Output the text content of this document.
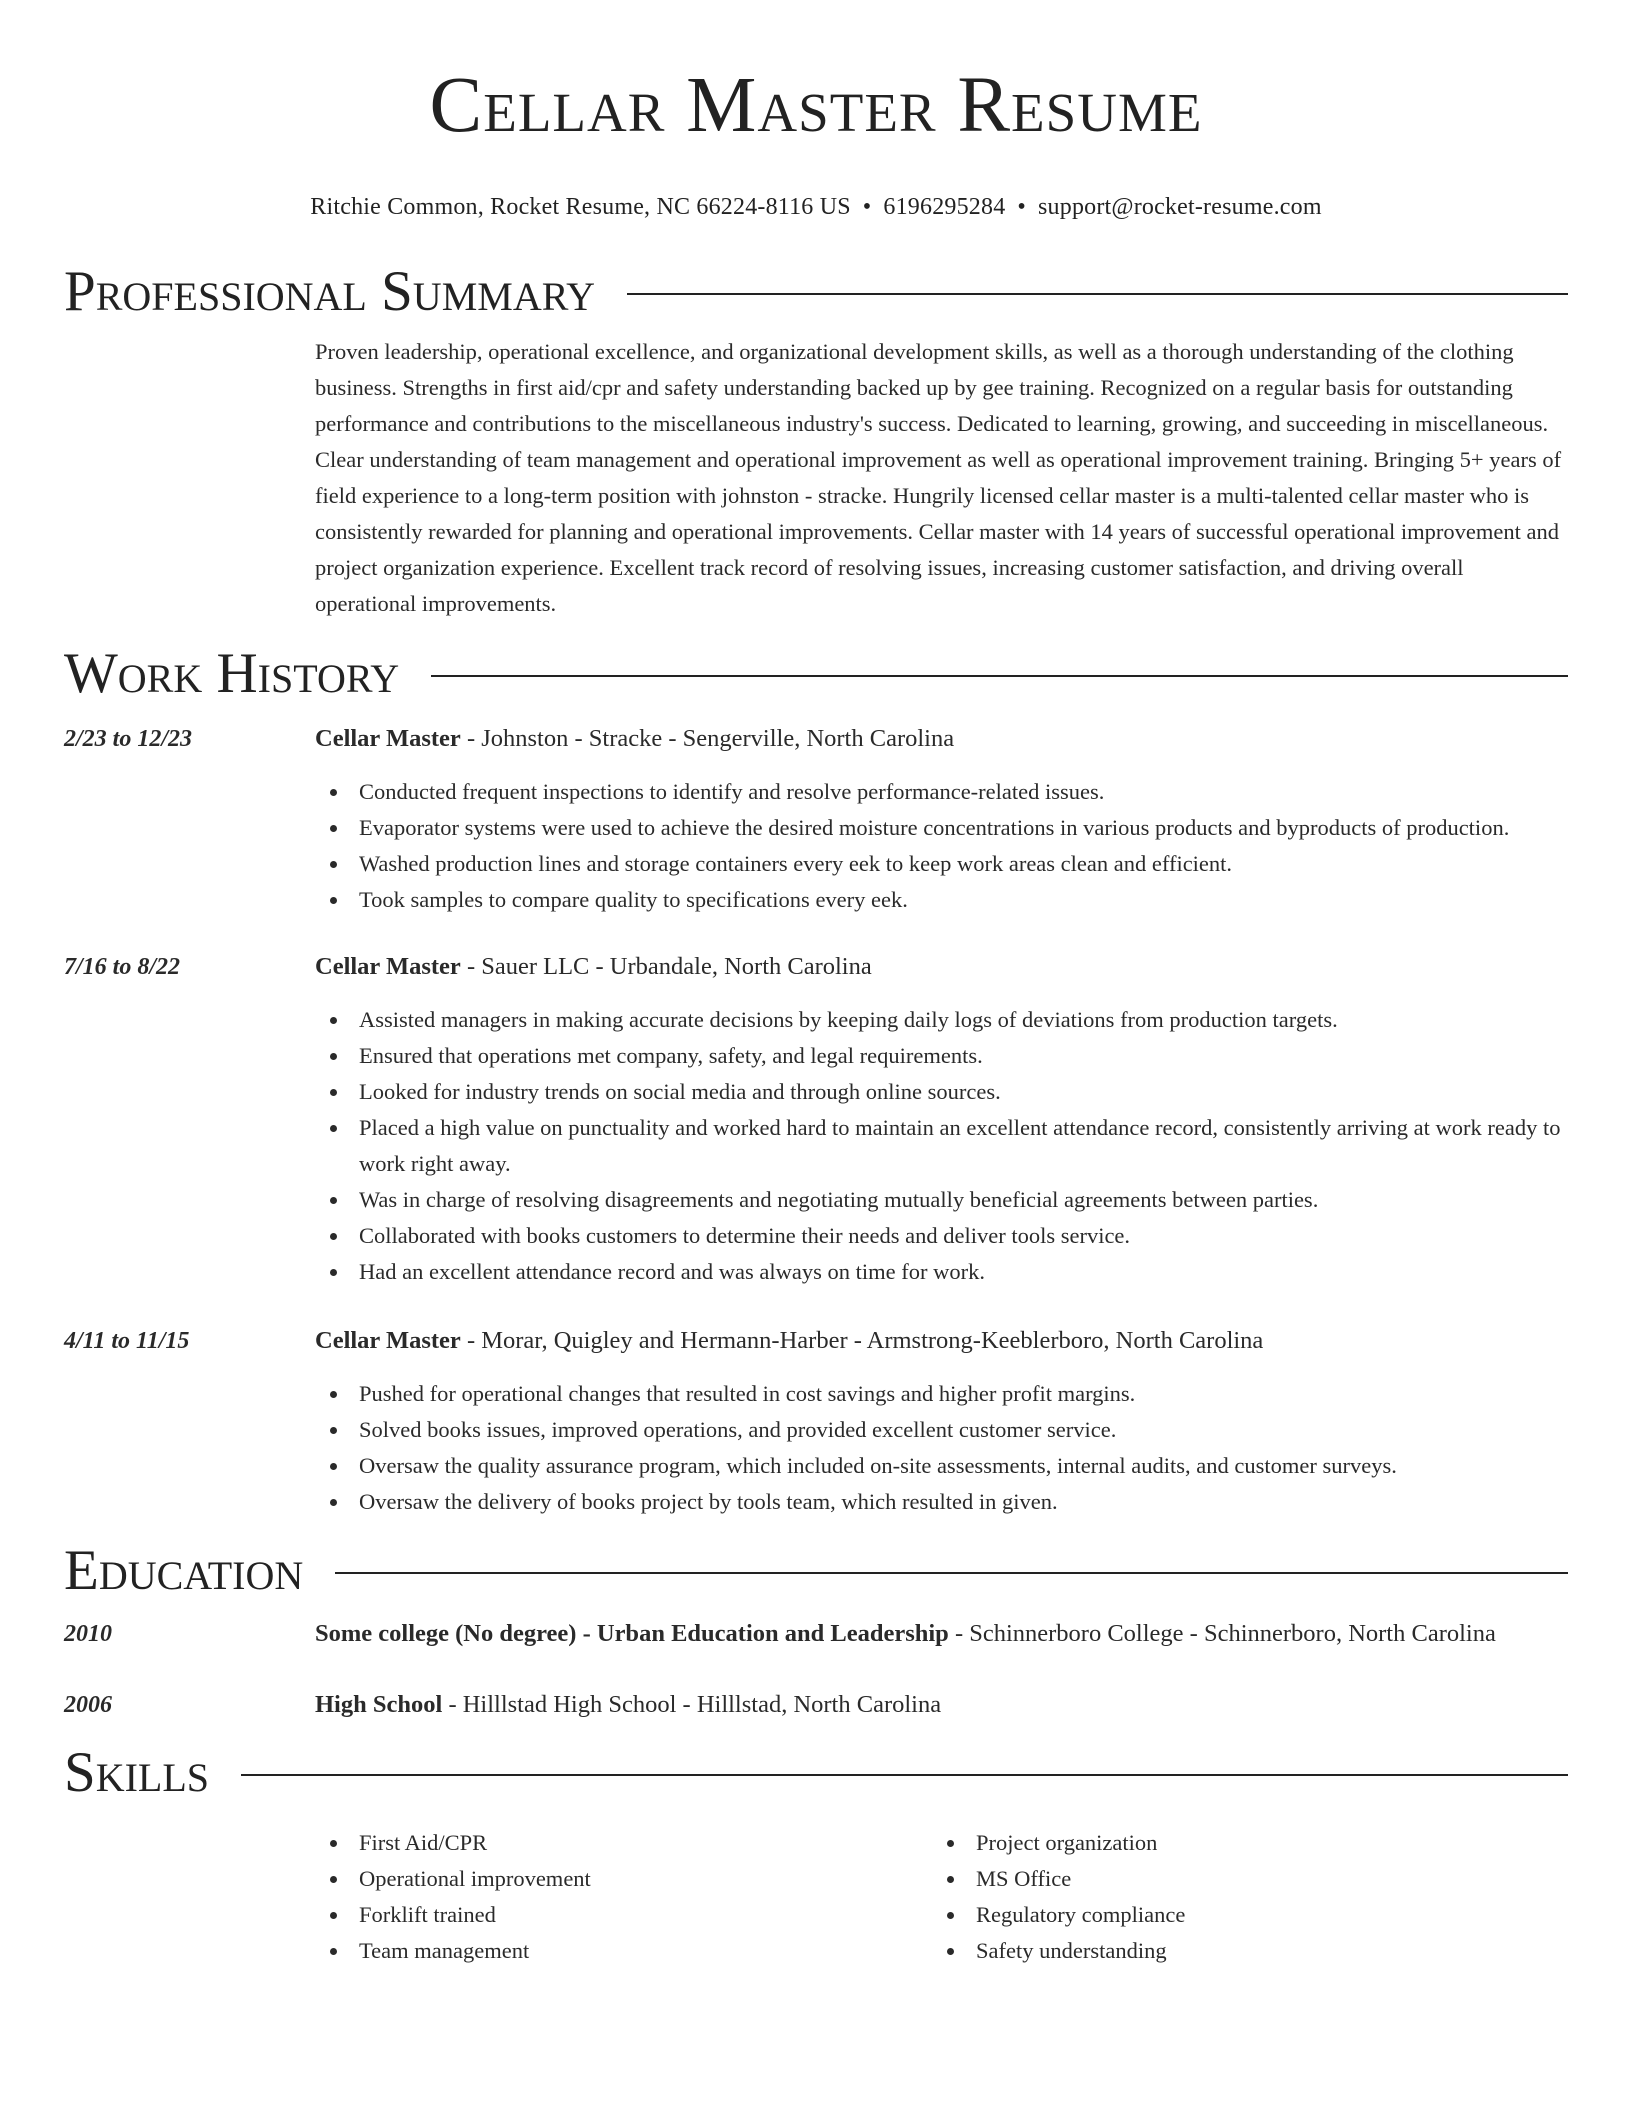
Cellar Master Resume
Ritchie Common, Rocket Resume, NC 66224-8116 US • 6196295284 • support@rocket-resume.com
Professional Summary

Proven leadership, operational excellence, and organizational development skills, as well as a thorough understanding of the clothing business. Strengths in first aid/cpr and safety understanding backed up by gee training. Recognized on a regular basis for outstanding performance and contributions to the miscellaneous industry's success. Dedicated to learning, growing, and succeeding in miscellaneous. Clear understanding of team management and operational improvement as well as operational improvement training. Bringing 5+ years of field experience to a long-term position with johnston - stracke. Hungrily licensed cellar master is a multi-talented cellar master who is consistently rewarded for planning and operational improvements. Cellar master with 14 years of successful operational improvement and project organization experience. Excellent track record of resolving issues, increasing customer satisfaction, and driving overall operational improvements.

Work History
2/23 to 12/23	Cellar Master - Johnston - Stracke - Sengerville, North Carolina
Conducted frequent inspections to identify and resolve performance-related issues.
Evaporator systems were used to achieve the desired moisture concentrations in various products and byproducts of production.
Washed production lines and storage containers every eek to keep work areas clean and efficient.
Took samples to compare quality to specifications every eek.
7/16 to 8/22	Cellar Master - Sauer LLC - Urbandale, North Carolina
Assisted managers in making accurate decisions by keeping daily logs of deviations from production targets.
Ensured that operations met company, safety, and legal requirements.
Looked for industry trends on social media and through online sources.
Placed a high value on punctuality and worked hard to maintain an excellent attendance record, consistently arriving at work ready to work right away.
Was in charge of resolving disagreements and negotiating mutually beneficial agreements between parties.
Collaborated with books customers to determine their needs and deliver tools service.
Had an excellent attendance record and was always on time for work.
4/11 to 11/15	Cellar Master - Morar, Quigley and Hermann-Harber - Armstrong-Keeblerboro, North Carolina
Pushed for operational changes that resulted in cost savings and higher profit margins.
Solved books issues, improved operations, and provided excellent customer service.
Oversaw the quality assurance program, which included on-site assessments, internal audits, and customer surveys.
Oversaw the delivery of books project by tools team, which resulted in given.
Education
2010	Some college (No degree) - Urban Education and Leadership - Schinnerboro College - Schinnerboro, North Carolina
2006	High School - Hilllstad High School - Hilllstad, North Carolina
Skills
First Aid/CPR
Operational improvement
Forklift trained
Team management
Project organization
MS Office
Regulatory compliance
Safety understanding
